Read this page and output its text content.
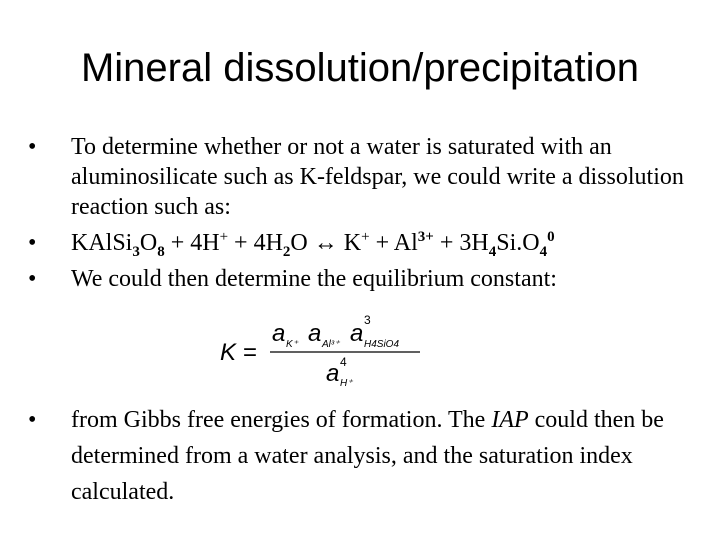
Mineral dissolution/precipitation
• To determine whether or not a water is saturated with an aluminosilicate such as K-feldspar, we could write a dissolution reaction such as:
• $KAlSi_3O_8 + 4H^+ + 4H_2O$ ↔ $K^+ + Al^{3+} + 3H_4Si.O_4^0$
• We could then determine the equilibrium constant:
K =
a K⁺ a Al³⁺ a 3
H4SiO4
a 4
H⁺
• from Gibbs free energies of formation. The IAP could then be determined from a water analysis, and the saturation index calculated.
